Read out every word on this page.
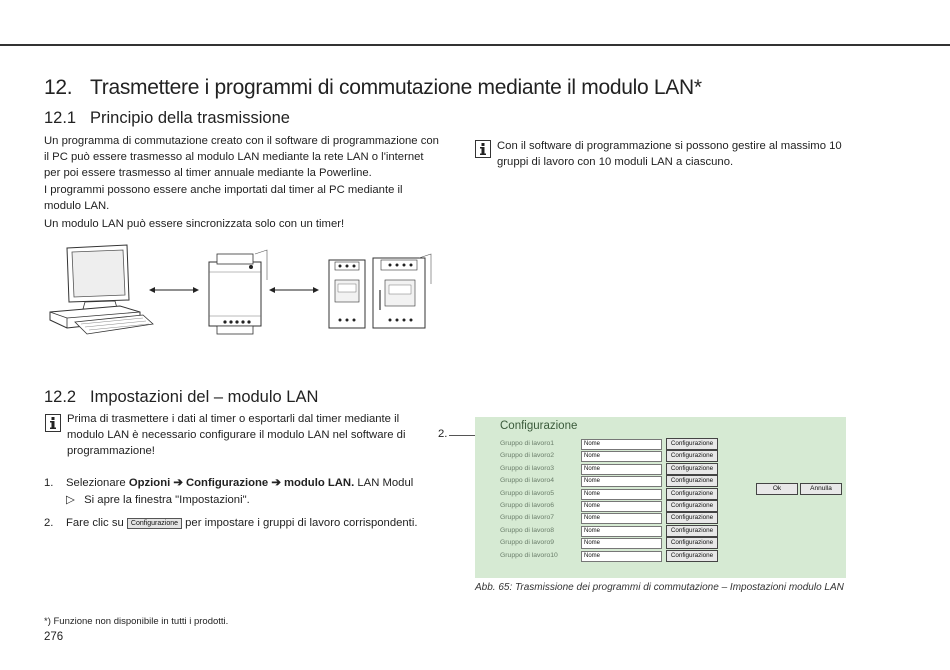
12. Trasmettere i programmi di commutazione mediante il modulo LAN*
12.1 Principio della trasmissione
Un programma di commutazione creato con il software di programmazione con il PC può essere trasmesso al modulo LAN mediante la rete LAN o l'internet per poi essere trasmesso al timer annuale mediante la Powerline.
I programmi possono essere anche importati dal timer al PC mediante il modulo LAN.
Un modulo LAN può essere sincronizzata solo con un timer!
Con il software di programmazione si possono gestire al massimo 10 gruppi di lavoro con 10 moduli LAN a ciascuno.
12.2 Impostazioni del – modulo LAN
Prima di trasmettere i dati al timer o esportarli dal timer mediante il modulo LAN è necessario configurare il modulo LAN nel software di programmazione!
1. Selezionare Opzioni ➔ Configurazione ➔ modulo LAN. LAN Modul
▷ Si apre la finestra "Impostazioni".
2. Fare clic su Configurazione per impostare i gruppi di lavoro corrispondenti.
2.
Configurazione
Gruppo di lavoro1	Nome	Configurazione
Gruppo di lavoro2	Nome	Configurazione
Gruppo di lavoro3	Nome	Configurazione
Gruppo di lavoro4	Nome	Configurazione
Gruppo di lavoro5	Nome	Configurazione
Gruppo di lavoro6	Nome	Configurazione
Gruppo di lavoro7	Nome	Configurazione
Gruppo di lavoro8	Nome	Configurazione
Gruppo di lavoro9	Nome	Configurazione
Gruppo di lavoro10	Nome	Configurazione
Ok	Annulla
Abb. 65: Trasmissione dei programmi di commutazione – Impostazioni modulo LAN
*) Funzione non disponibile in tutti i prodotti.
276
